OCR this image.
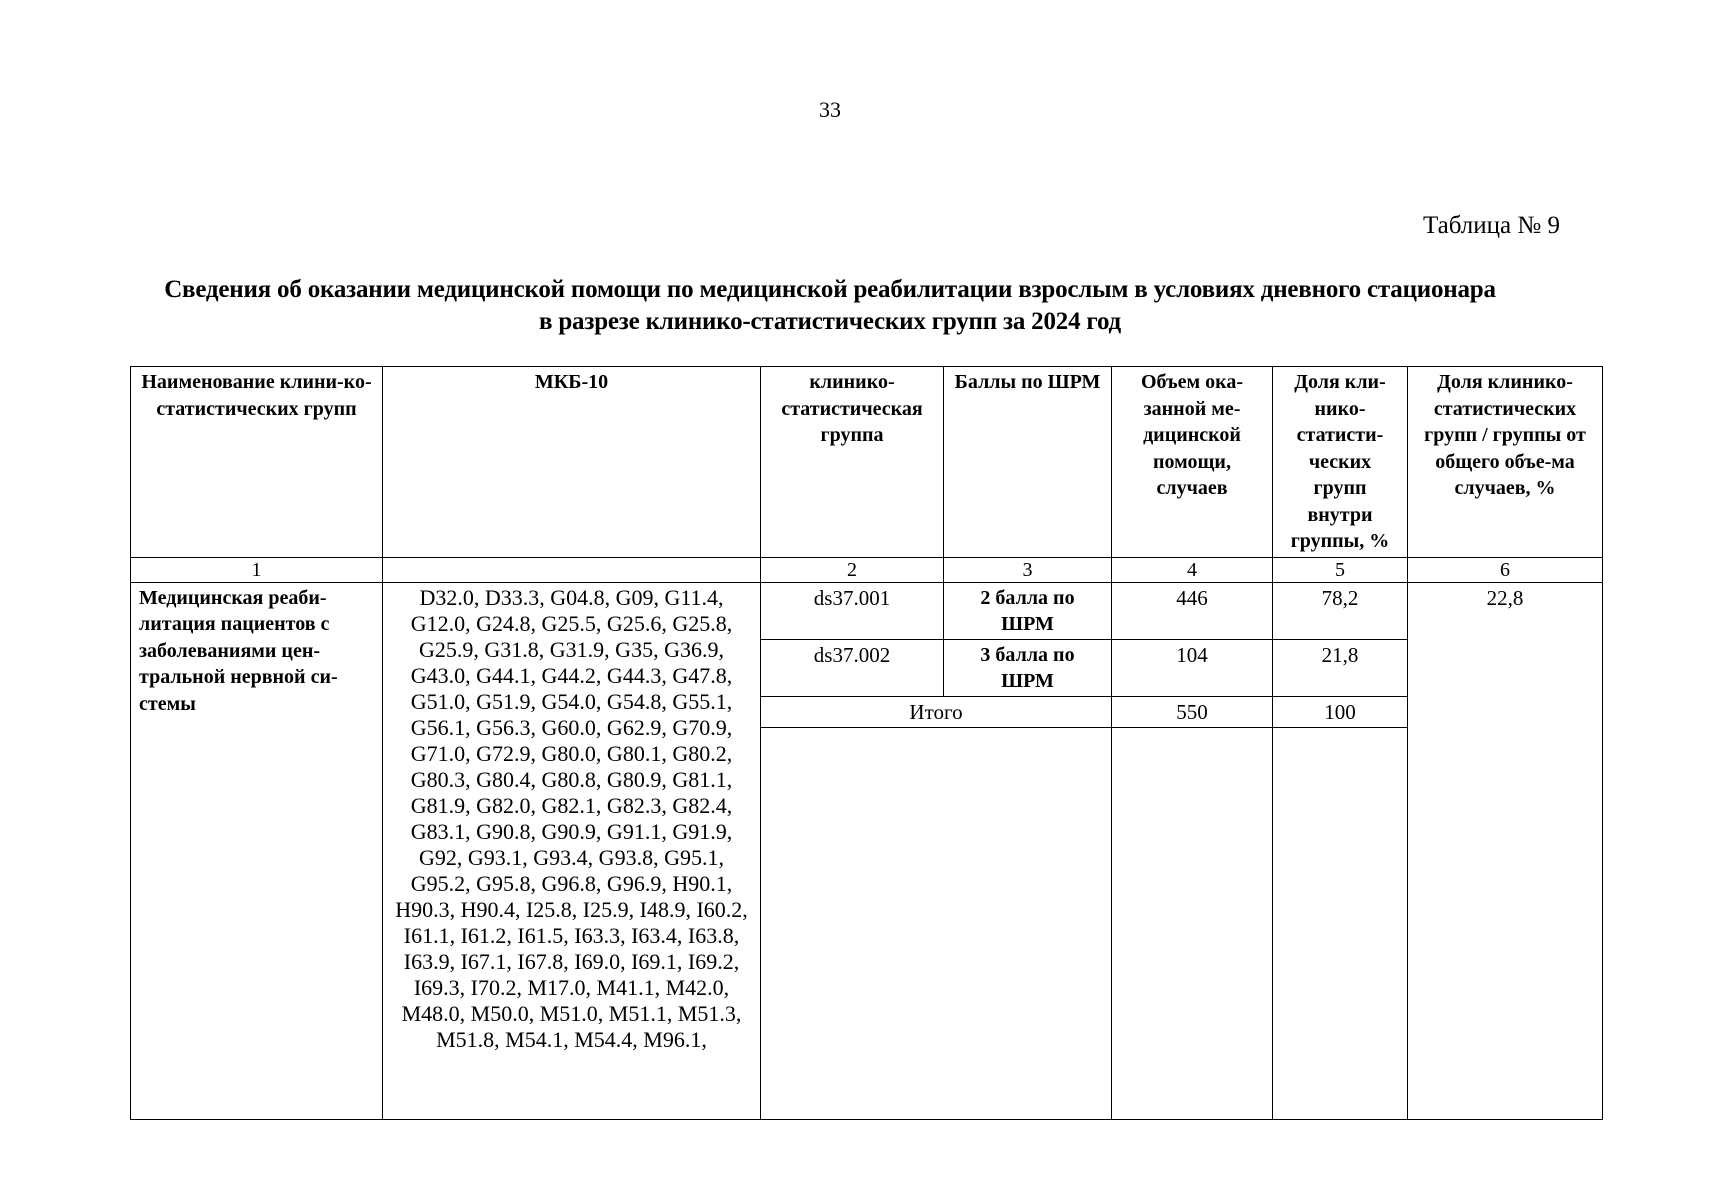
33
Таблица № 9
Сведения об оказании медицинской помощи по медицинской реабилитации взрослым в условиях дневного стационара
в разрезе клинико-статистических групп за 2024 год
Наименование клини-ко-статистических групп	МКБ-10	клинико-статистическая группа	Баллы по ШРМ	Объем ока-занной ме-дицинской помощи, случаев	Доля кли-нико-статисти-ческих групп внутри группы, %	Доля клинико-статистических групп / группы от общего объе-ма случаев, %
1		2	3	4	5	6
Медицинская реаби-литация пациентов с заболеваниями цен-тральной нервной си-стемы	D32.0, D33.3, G04.8, G09, G11.4, G12.0, G24.8, G25.5, G25.6, G25.8, G25.9, G31.8, G31.9, G35, G36.9, G43.0, G44.1, G44.2, G44.3, G47.8, G51.0, G51.9, G54.0, G54.8, G55.1, G56.1, G56.3, G60.0, G62.9, G70.9, G71.0, G72.9, G80.0, G80.1, G80.2, G80.3, G80.4, G80.8, G80.9, G81.1, G81.9, G82.0, G82.1, G82.3, G82.4, G83.1, G90.8, G90.9, G91.1, G91.9, G92, G93.1, G93.4, G93.8, G95.1, G95.2, G95.8, G96.8, G96.9, H90.1, H90.3, H90.4, I25.8, I25.9, I48.9, I60.2, I61.1, I61.2, I61.5, I63.3, I63.4, I63.8, I63.9, I67.1, I67.8, I69.0, I69.1, I69.2, I69.3, I70.2, M17.0, M41.1, M42.0, M48.0, M50.0, M51.0, M51.1, M51.3, M51.8, M54.1, M54.4, M96.1,	ds37.001	2 балла по ШРМ	446	78,2	22,8
		ds37.002	3 балла по ШРМ	104	21,8	
		Итого		550	100	
